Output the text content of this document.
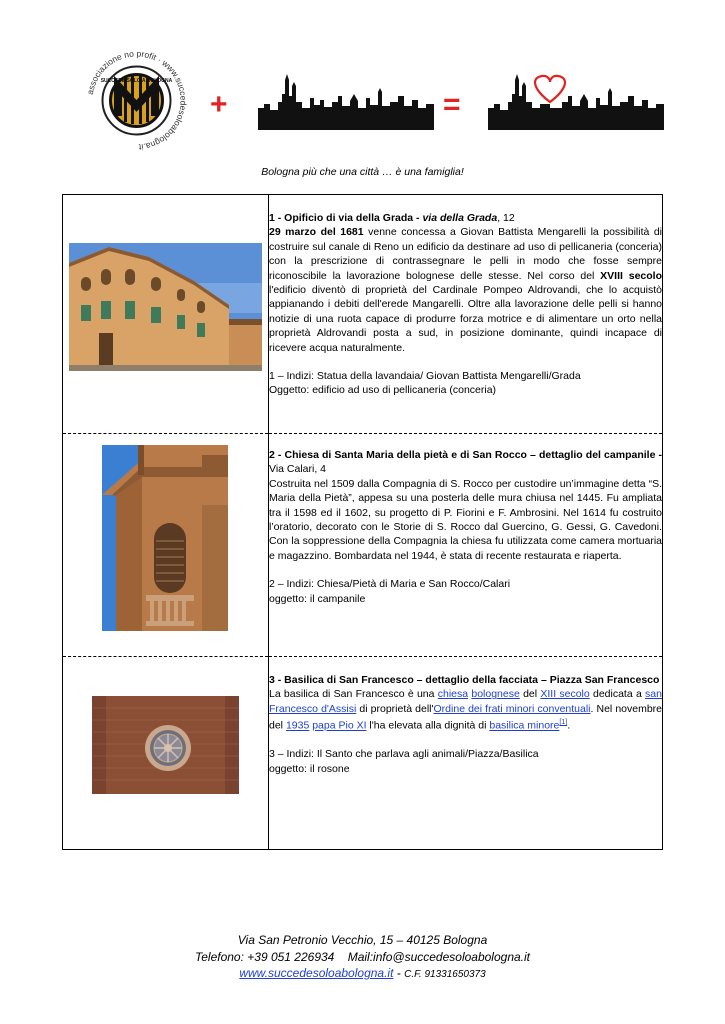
associazione no profit · www.succedesoloabologna.it
SUCCEDE SOLO A BOLOGNA
+	=
Bologna più che una città … è una famiglia!

1 - Opificio di via della Grada - via della Grada, 12
29 marzo del 1681 venne concessa a Giovan Battista Mengarelli la possibilità di costruire sul canale di Reno un edificio da destinare ad uso di pellicaneria (conceria) con la prescrizione di contrassegnare le pelli in modo che fosse sempre riconoscibile la lavorazione bolognese delle stesse. Nel corso del XVIII secolo l'edificio diventò di proprietà del Cardinale Pompeo Aldrovandi, che lo acquistò appianando i debiti dell'erede Mangarelli. Oltre alla lavorazione delle pelli si hanno notizie di una ruota capace di produrre forza motrice e di alimentare un orto nella proprietà Aldrovandi posta a sud, in posizione dominante, quindi incapace di ricevere acqua naturalmente.
1 – Indizi: Statua della lavandaia/ Giovan Battista Mengarelli/Grada
Oggetto: edificio ad uso di pellicaneria (conceria)

2 - Chiesa di Santa Maria della pietà e di San Rocco – dettaglio del campanile - Via Calari, 4
Costruita nel 1509 dalla Compagnia di S. Rocco per custodire un’immagine detta “S. Maria della Pietà”, appesa su una posterla delle mura chiusa nel 1445. Fu ampliata tra il 1598 ed il 1602, su progetto di P. Fiorini e F. Ambrosini. Nel 1614 fu costruito l’oratorio, decorato con le Storie di S. Rocco dal Guercino, G. Gessi, G. Cavedoni. Con la soppressione della Compagnia la chiesa fu utilizzata come camera mortuaria e magazzino. Bombardata nel 1944, è stata di recente restaurata e riaperta.
2 – Indizi: Chiesa/Pietà di Maria e San Rocco/Calari
oggetto: il campanile

3 - Basilica di San Francesco – dettaglio della facciata – Piazza San Francesco
La basilica di San Francesco è una chiesa bolognese del XIII secolo dedicata a san Francesco d'Assisi di proprietà dell'Ordine dei frati minori conventuali. Nel novembre del 1935 papa Pio XI l'ha elevata alla dignità di basilica minore[1].
3 – Indizi: Il Santo che parlava agli animali/Piazza/Basilica
oggetto: il rosone
Via San Petronio Vecchio, 15 – 40125 Bologna
Telefono: +39 051 226934 Mail:info@succedesoloabologna.it
www.succedesoloabologna.it - C.F. 91331650373
